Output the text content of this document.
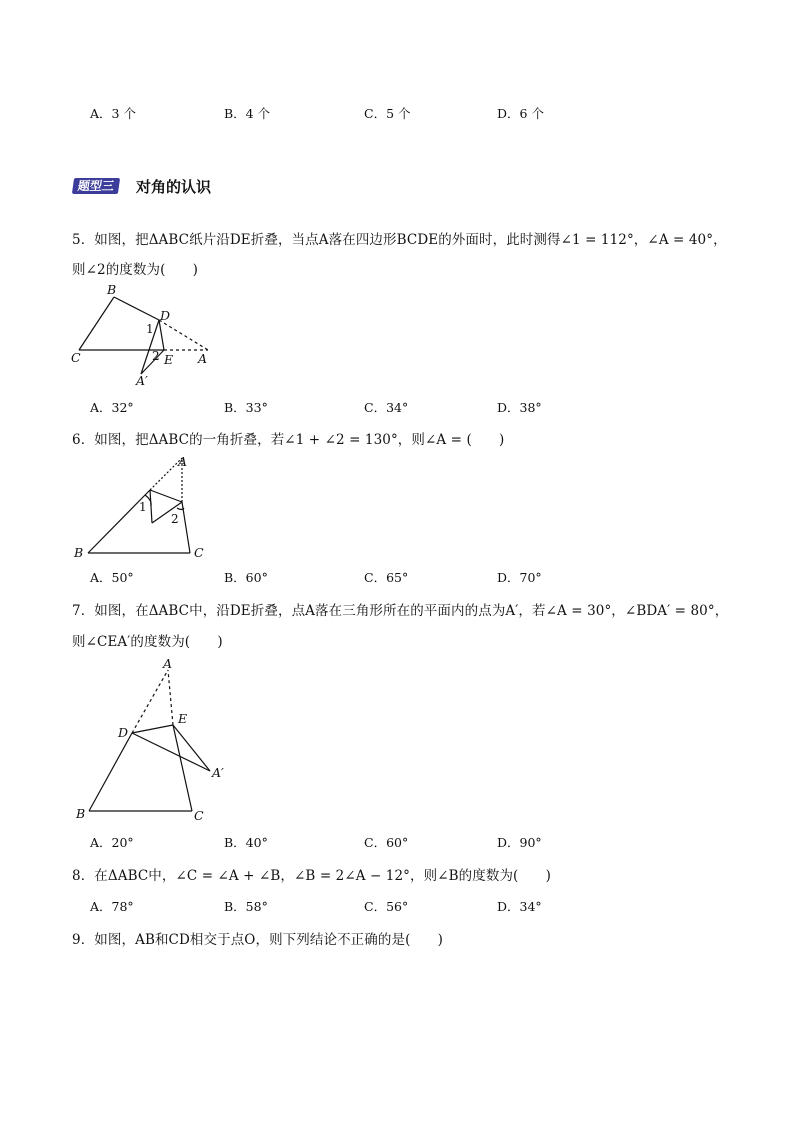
A．3 个	B．4 个	C．5 个	D．6 个
题型三	对角的认识
5．如图，把ΔABC纸片沿DE折叠，当点A落在四边形BCDE的外面时，此时测得∠1 = 112°，∠A = 40°，
则∠2的度数为(　　)
B
C
D
E A
A′
1
2
A．32°	B．33°	C．34°	D．38°
6．如图，把ΔABC的一角折叠，若∠1 + ∠2 = 130°，则∠A = (　　)
A
B	C
1
2
A．50°	B．60°	C．65°	D．70°
7．如图，在ΔABC中，沿DE折叠，点A落在三角形所在的平面内的点为A′，若∠A = 30°，∠BDA′ = 80°，
则∠CEA′的度数为(　　)
A
D
E
A′
B	C
A．20°	B．40°	C．60°	D．90°
8．在ΔABC中，∠C = ∠A + ∠B，∠B = 2∠A − 12°，则∠B的度数为(　　)
A．78°	B．58°	C．56°	D．34°
9．如图，AB和CD相交于点O，则下列结论不正确的是(　　)
